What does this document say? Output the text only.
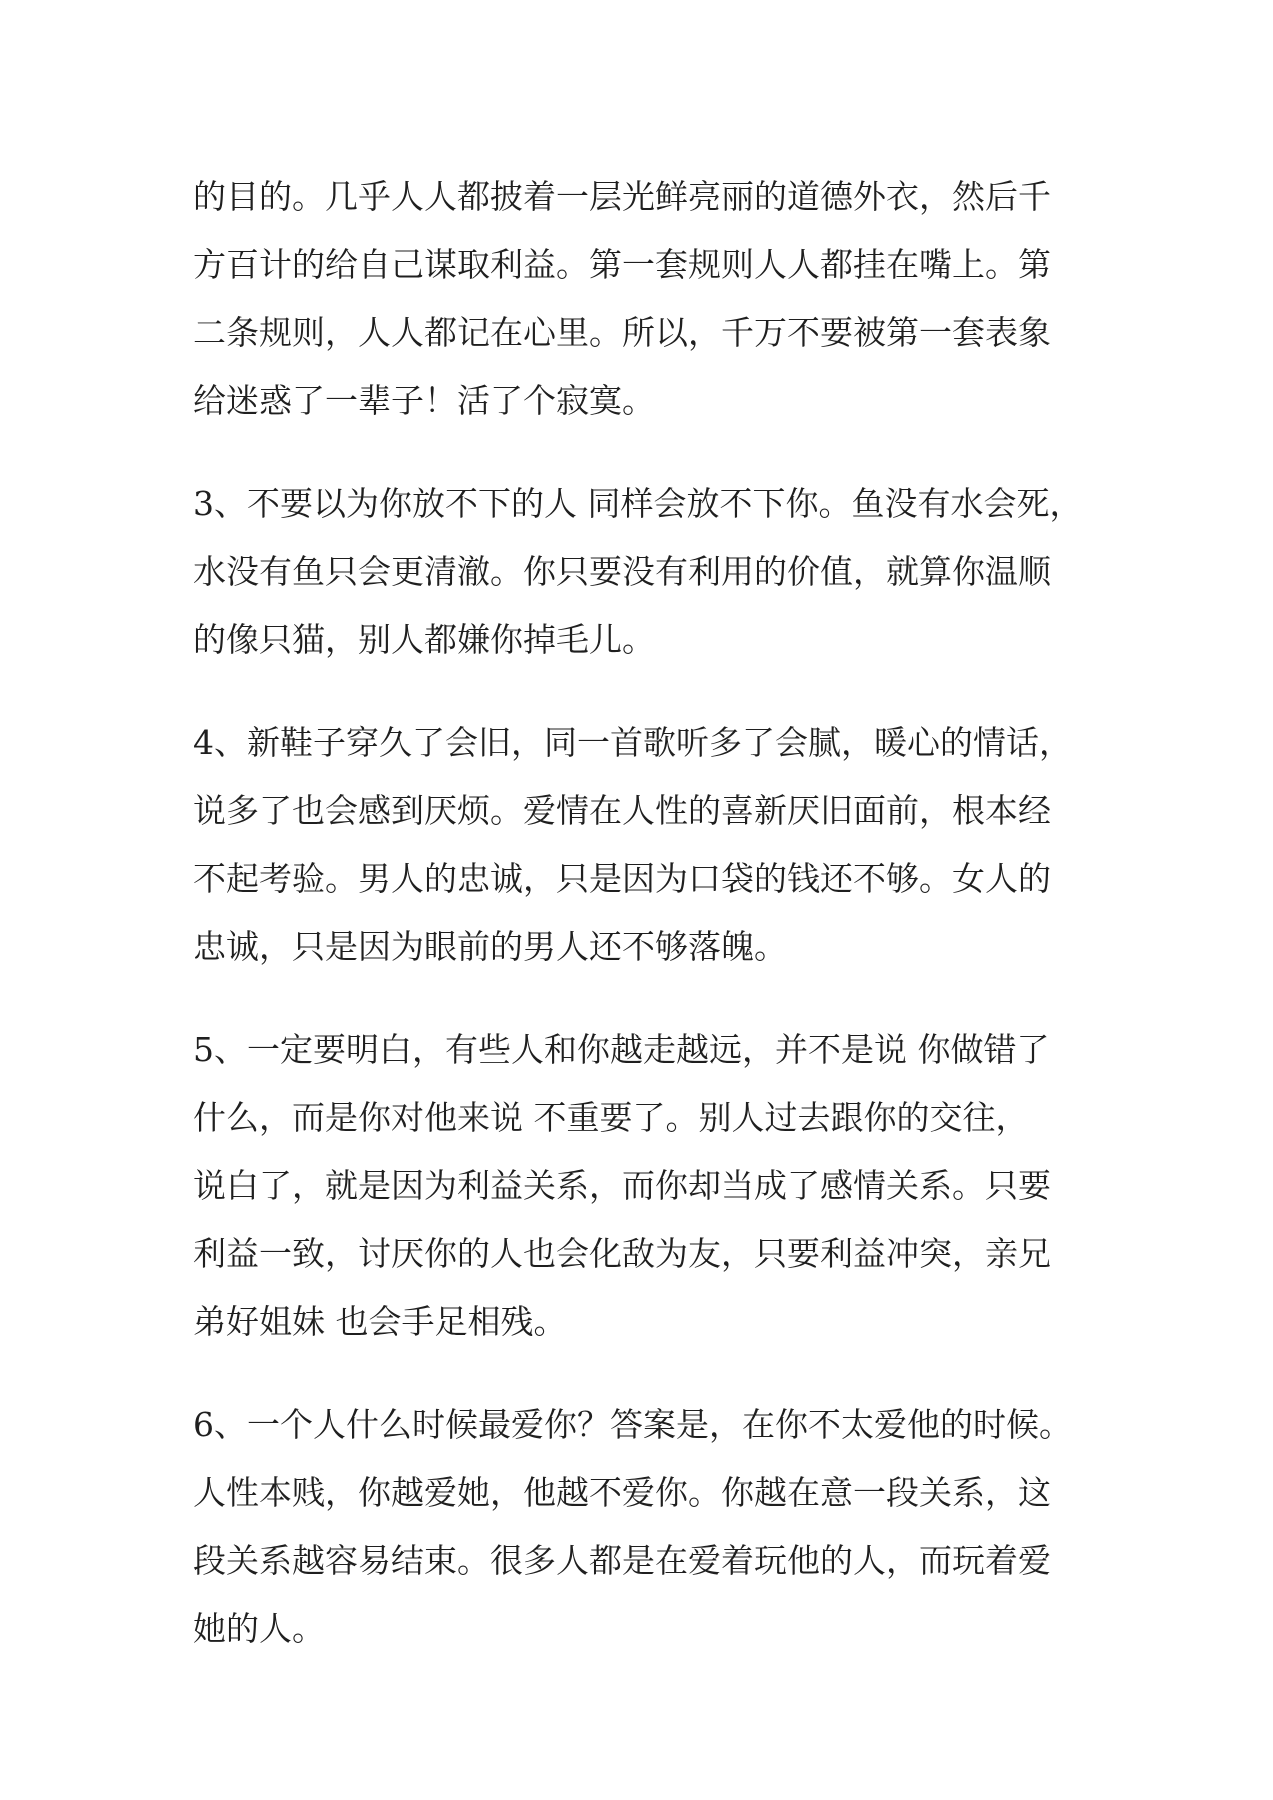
的目的。几乎人人都披着一层光鲜亮丽的道德外衣，然后千
方百计的给自己谋取利益。第一套规则人人都挂在嘴上。第
二条规则，人人都记在心里。所以，千万不要被第一套表象
给迷惑了一辈子！活了个寂寞。
3、不要以为你放不下的人 同样会放不下你。鱼没有水会死，
水没有鱼只会更清澈。你只要没有利用的价值，就算你温顺
的像只猫，别人都嫌你掉毛儿。
4、新鞋子穿久了会旧，同一首歌听多了会腻，暖心的情话，
说多了也会感到厌烦。爱情在人性的喜新厌旧面前，根本经
不起考验。男人的忠诚，只是因为口袋的钱还不够。女人的
忠诚，只是因为眼前的男人还不够落魄。
5、一定要明白，有些人和你越走越远，并不是说 你做错了
什么，而是你对他来说 不重要了。别人过去跟你的交往，
说白了，就是因为利益关系，而你却当成了感情关系。只要
利益一致，讨厌你的人也会化敌为友，只要利益冲突，亲兄
弟好姐妹 也会手足相残。
6、一个人什么时候最爱你？答案是，在你不太爱他的时候。
人性本贱，你越爱她，他越不爱你。你越在意一段关系，这
段关系越容易结束。很多人都是在爱着玩他的人，而玩着爱
她的人。
